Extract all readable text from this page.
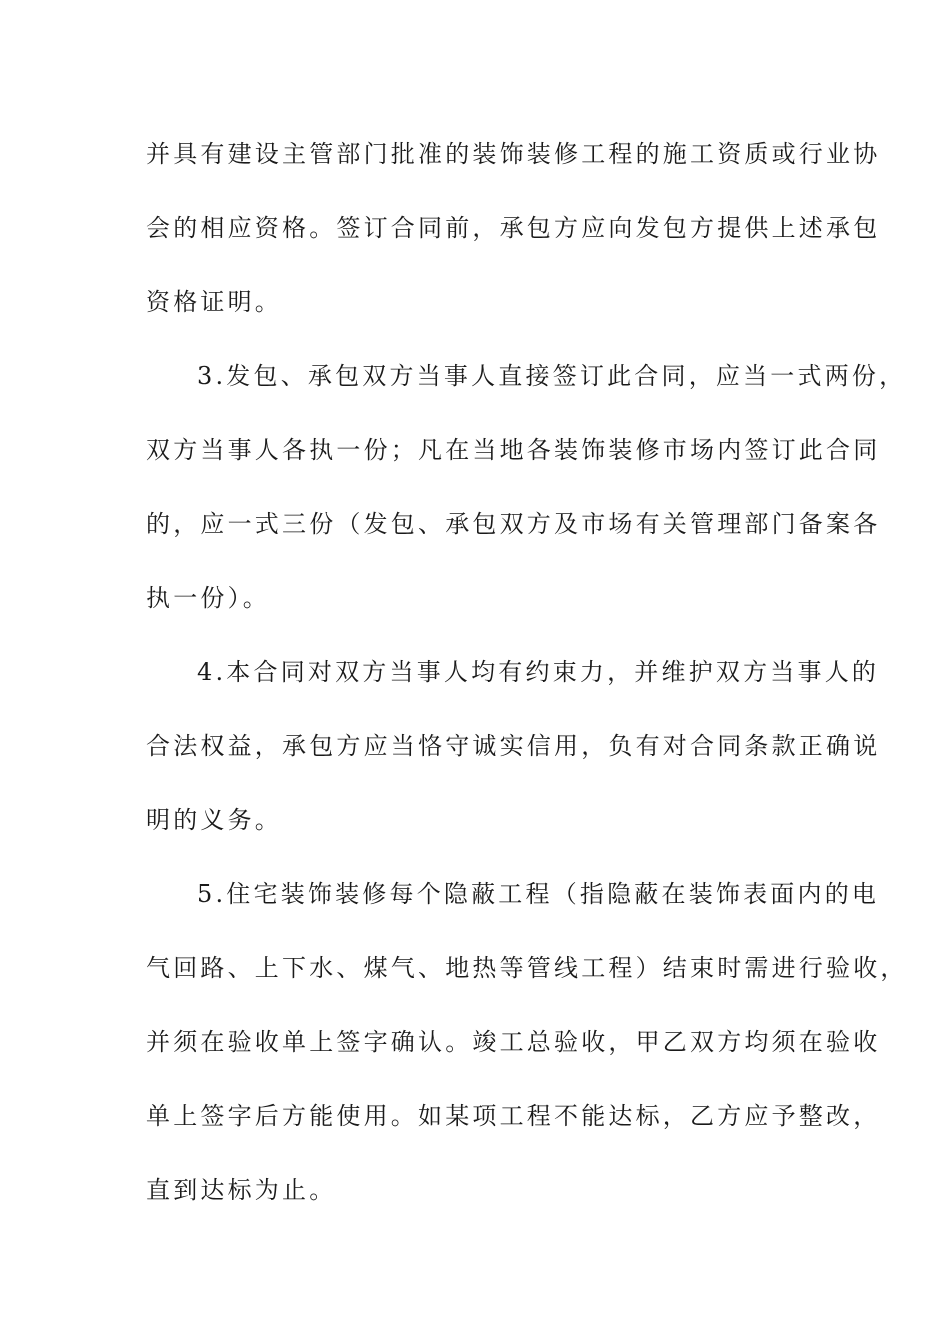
并具有建设主管部门批准的装饰装修工程的施工资质或行业协
会的相应资格。签订合同前，承包方应向发包方提供上述承包
资格证明。
3.发包、承包双方当事人直接签订此合同，应当一式两份，
双方当事人各执一份；凡在当地各装饰装修市场内签订此合同
的，应一式三份（发包、承包双方及市场有关管理部门备案各
执一份）。
4.本合同对双方当事人均有约束力，并维护双方当事人的
合法权益，承包方应当恪守诚实信用，负有对合同条款正确说
明的义务。
5.住宅装饰装修每个隐蔽工程（指隐蔽在装饰表面内的电
气回路、上下水、煤气、地热等管线工程）结束时需进行验收，
并须在验收单上签字确认。竣工总验收，甲乙双方均须在验收
单上签字后方能使用。如某项工程不能达标，乙方应予整改，
直到达标为止。
